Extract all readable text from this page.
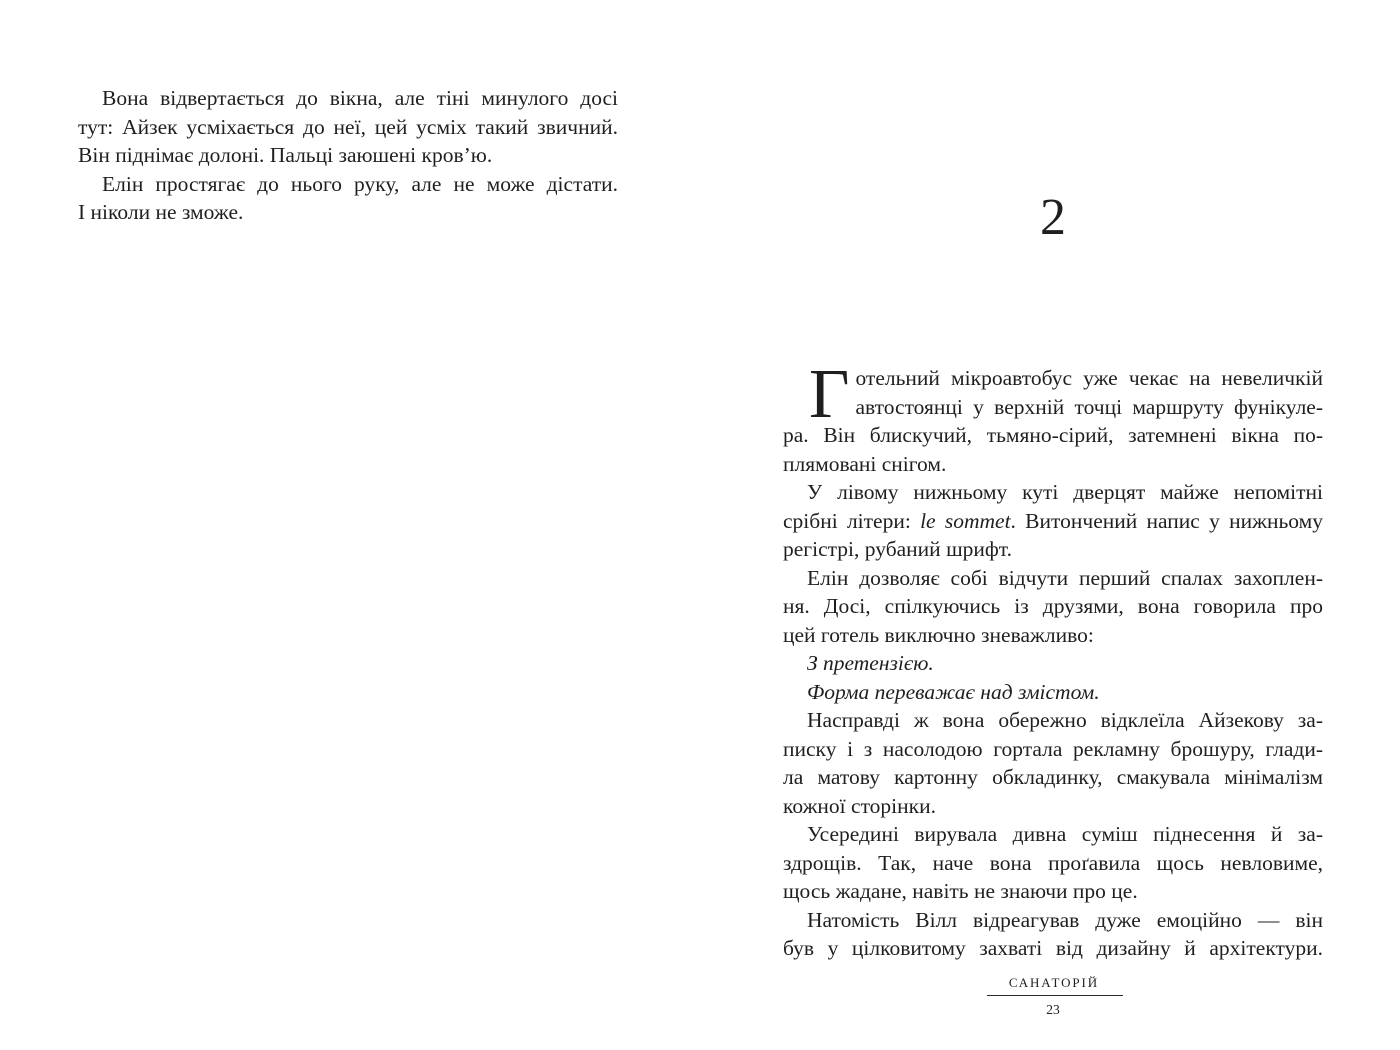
Вона відвертається до вікна, але тіні минулого досі
тут: Айзек усміхається до неї, цей усміх такий звичний.
Він піднімає долоні. Пальці заюшені кров’ю.
Елін простягає до нього руку, але не може дістати.
І ніколи не зможе.	2
Готельний мікроавтобус уже чекає на невеличкій
автостоянці у верхній точці маршруту фунікуле-
ра. Він блискучий, тьмяно-сірий, затемнені вікна по-
плямовані снігом.
У лівому нижньому куті дверцят майже непомітні
срібні літери: le sommet. Витончений напис у нижньому
регістрі, рубаний шрифт.
Елін дозволяє собі відчути перший спалах захоплен-
ня. Досі, спілкуючись із друзями, вона говорила про
цей готель виключно зневажливо:
З претензією.
Форма переважає над змістом.
Насправді ж вона обережно відклеїла Айзекову за-
писку і з насолодою гортала рекламну брошуру, глади-
ла матову картонну обкладинку, смакувала мінімалізм
кожної сторінки.
Усередині вирувала дивна суміш піднесення й за-
здрощів. Так, наче вона проґавила щось невловиме,
щось жадане, навіть не знаючи про це.
Натомість Вілл відреагував дуже емоційно — він
був у цілковитому захваті від дизайну й архітектури.
САНАТОРІЙ
23
